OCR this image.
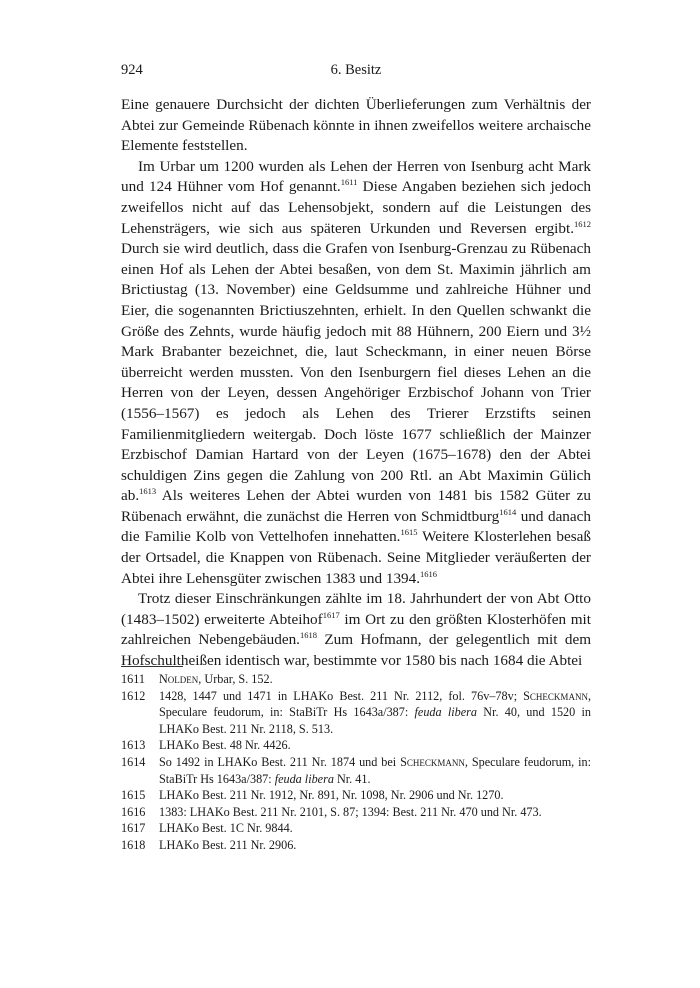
924	6. Besitz

Eine genauere Durchsicht der dichten Überlieferungen zum Verhältnis der Abtei zur Gemeinde Rübenach könnte in ihnen zweifellos weitere archaische Elemente feststellen.

Im Urbar um 1200 wurden als Lehen der Herren von Isenburg acht Mark und 124 Hühner vom Hof genannt.$^{1611}$ Diese Angaben beziehen sich jedoch zweifellos nicht auf das Lehensobjekt, sondern auf die Leistungen des Lehensträgers, wie sich aus späteren Urkunden und Reversen ergibt.$^{1612}$ Durch sie wird deutlich, dass die Grafen von Isenburg-Grenzau zu Rübenach einen Hof als Lehen der Abtei besaßen, von dem St. Maximin jährlich am Brictiustag (13. November) eine Geldsumme und zahlreiche Hühner und Eier, die sogenannten Brictiuszehnten, erhielt. In den Quellen schwankt die Größe des Zehnts, wurde häufig jedoch mit 88 Hühnern, 200 Eiern und 3½ Mark Brabanter bezeichnet, die, laut Scheckmann, in einer neuen Börse überreicht werden mussten. Von den Isenburgern fiel dieses Lehen an die Herren von der Leyen, dessen Angehöriger Erzbischof Johann von Trier (1556–1567) es jedoch als Lehen des Trierer Erzstifts seinen Familienmitgliedern weitergab. Doch löste 1677 schließlich der Mainzer Erzbischof Damian Hartard von der Leyen (1675–1678) den der Abtei schuldigen Zins gegen die Zahlung von 200 Rtl. an Abt Maximin Gülich ab.$^{1613}$ Als weiteres Lehen der Abtei wurden von 1481 bis 1582 Güter zu Rübenach erwähnt, die zunächst die Herren von Schmidtburg$^{1614}$ und danach die Familie Kolb von Vettelhofen innehatten.$^{1615}$ Weitere Klosterlehen besaß der Ortsadel, die Knappen von Rübenach. Seine Mitglieder veräußerten der Abtei ihre Lehensgüter zwischen 1383 und 1394.$^{1616}$

Trotz dieser Einschränkungen zählte im 18. Jahrhundert der von Abt Otto (1483–1502) erweiterte Abteihof$^{1617}$ im Ort zu den größten Klosterhöfen mit zahlreichen Nebengebäuden.$^{1618}$ Zum Hofmann, der gelegentlich mit dem Hofschultheißen identisch war, bestimmte vor 1580 bis nach 1684 die Abtei

1611	Nolden, Urbar, S. 152.
1612	1428, 1447 und 1471 in LHAKo Best. 211 Nr. 2112, fol. 76v–78v; Scheckmann, Speculare feudorum, in: StaBiTr Hs 1643a/387: feuda libera Nr. 40, und 1520 in LHAKo Best. 211 Nr. 2118, S. 513.
1613	LHAKo Best. 48 Nr. 4426.
1614	So 1492 in LHAKo Best. 211 Nr. 1874 und bei Scheckmann, Speculare feudorum, in: StaBiTr Hs 1643a/387: feuda libera Nr. 41.
1615	LHAKo Best. 211 Nr. 1912, Nr. 891, Nr. 1098, Nr. 2906 und Nr. 1270.
1616	1383: LHAKo Best. 211 Nr. 2101, S. 87; 1394: Best. 211 Nr. 470 und Nr. 473.
1617	LHAKo Best. 1C Nr. 9844.
1618	LHAKo Best. 211 Nr. 2906.
